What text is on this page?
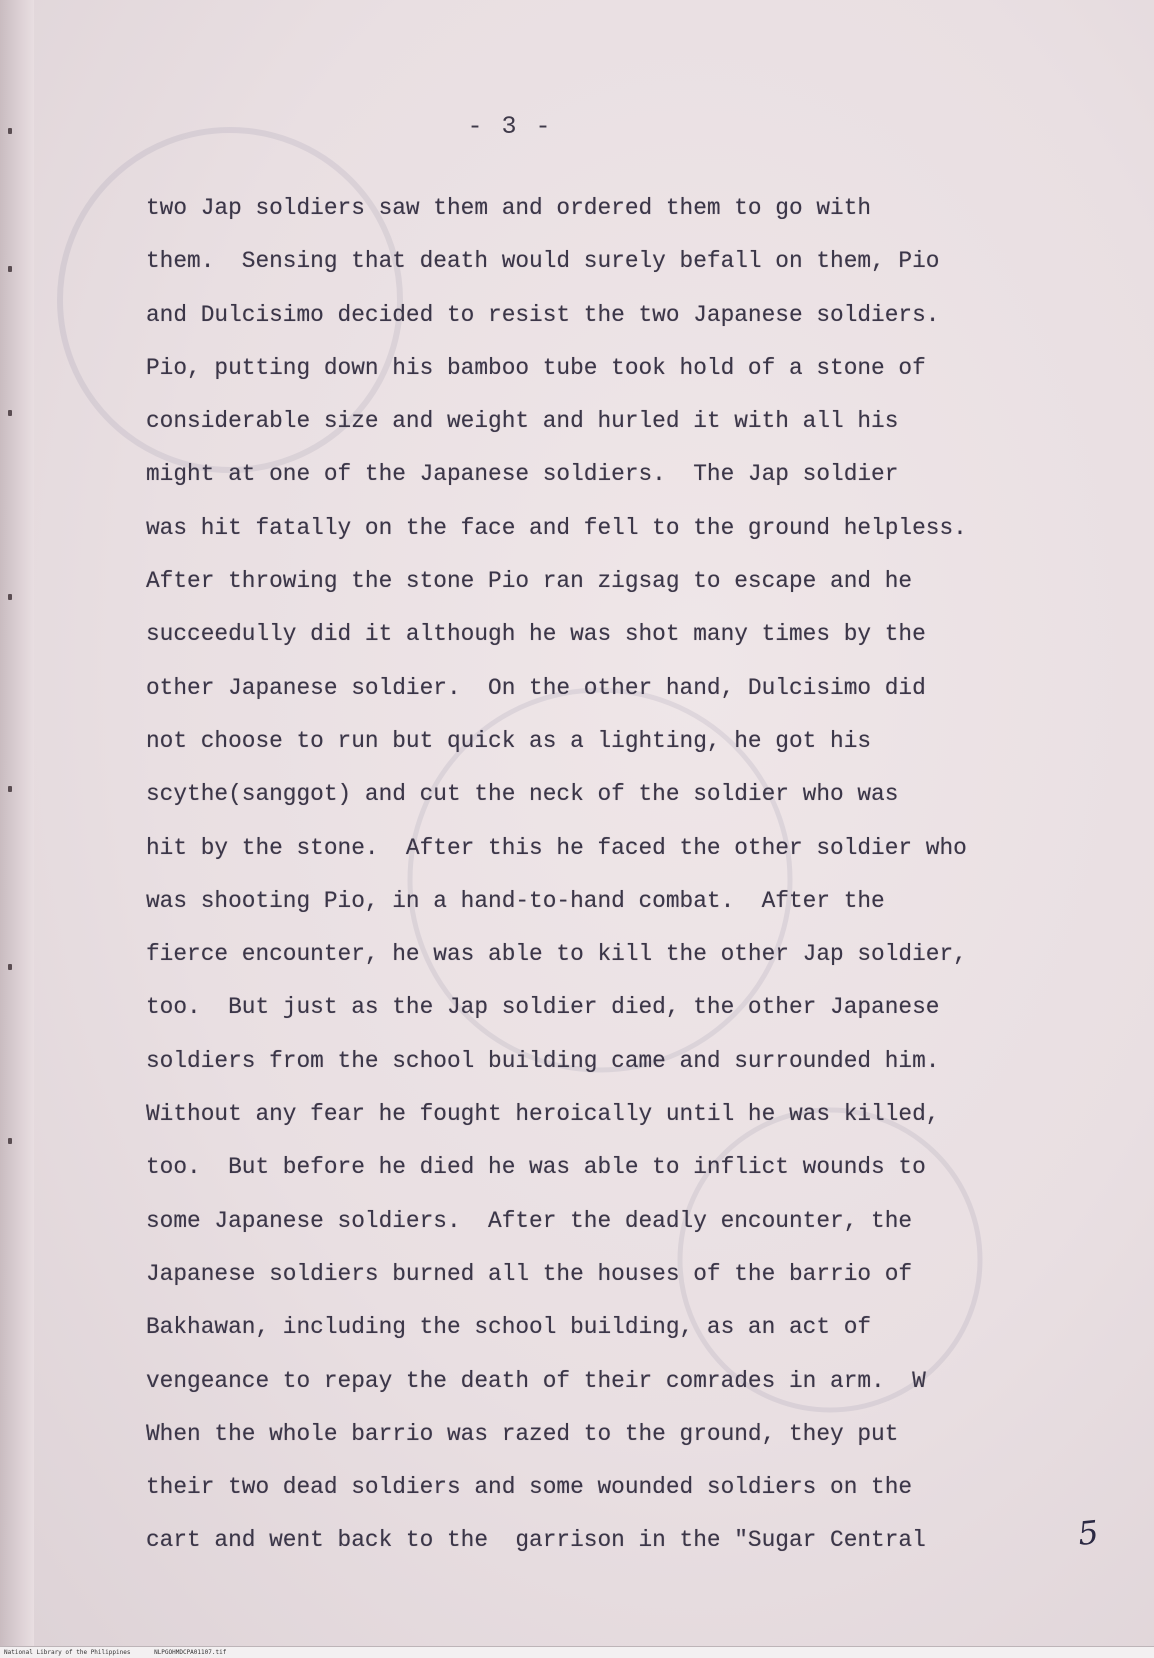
- 3 -
two Jap soldiers saw them and ordered them to go with
them.  Sensing that death would surely befall on them, Pio
and Dulcisimo decided to resist the two Japanese soldiers.
Pio, putting down his bamboo tube took hold of a stone of
considerable size and weight and hurled it with all his
might at one of the Japanese soldiers.  The Jap soldier
was hit fatally on the face and fell to the ground helpless.
After throwing the stone Pio ran zigsag to escape and he
succeedully did it although he was shot many times by the
other Japanese soldier.  On the other hand, Dulcisimo did
not choose to run but quick as a lighting, he got his
scythe(sanggot) and cut the neck of the soldier who was
hit by the stone.  After this he faced the other soldier who
was shooting Pio, in a hand-to-hand combat.  After the
fierce encounter, he was able to kill the other Jap soldier,
too.  But just as the Jap soldier died, the other Japanese
soldiers from the school building came and surrounded him.
Without any fear he fought heroically until he was killed,
too.  But before he died he was able to inflict wounds to
some Japanese soldiers.  After the deadly encounter, the
Japanese soldiers burned all the houses of the barrio of
Bakhawan, including the school building, as an act of
vengeance to repay the death of their comrades in arm.  W
When the whole barrio was razed to the ground, they put
their two dead soldiers and some wounded soldiers on the
cart and went back to the  garrison in the "Sugar Central	5
National Library of the Philippines	NLPGOHMDCPA01107.tif
